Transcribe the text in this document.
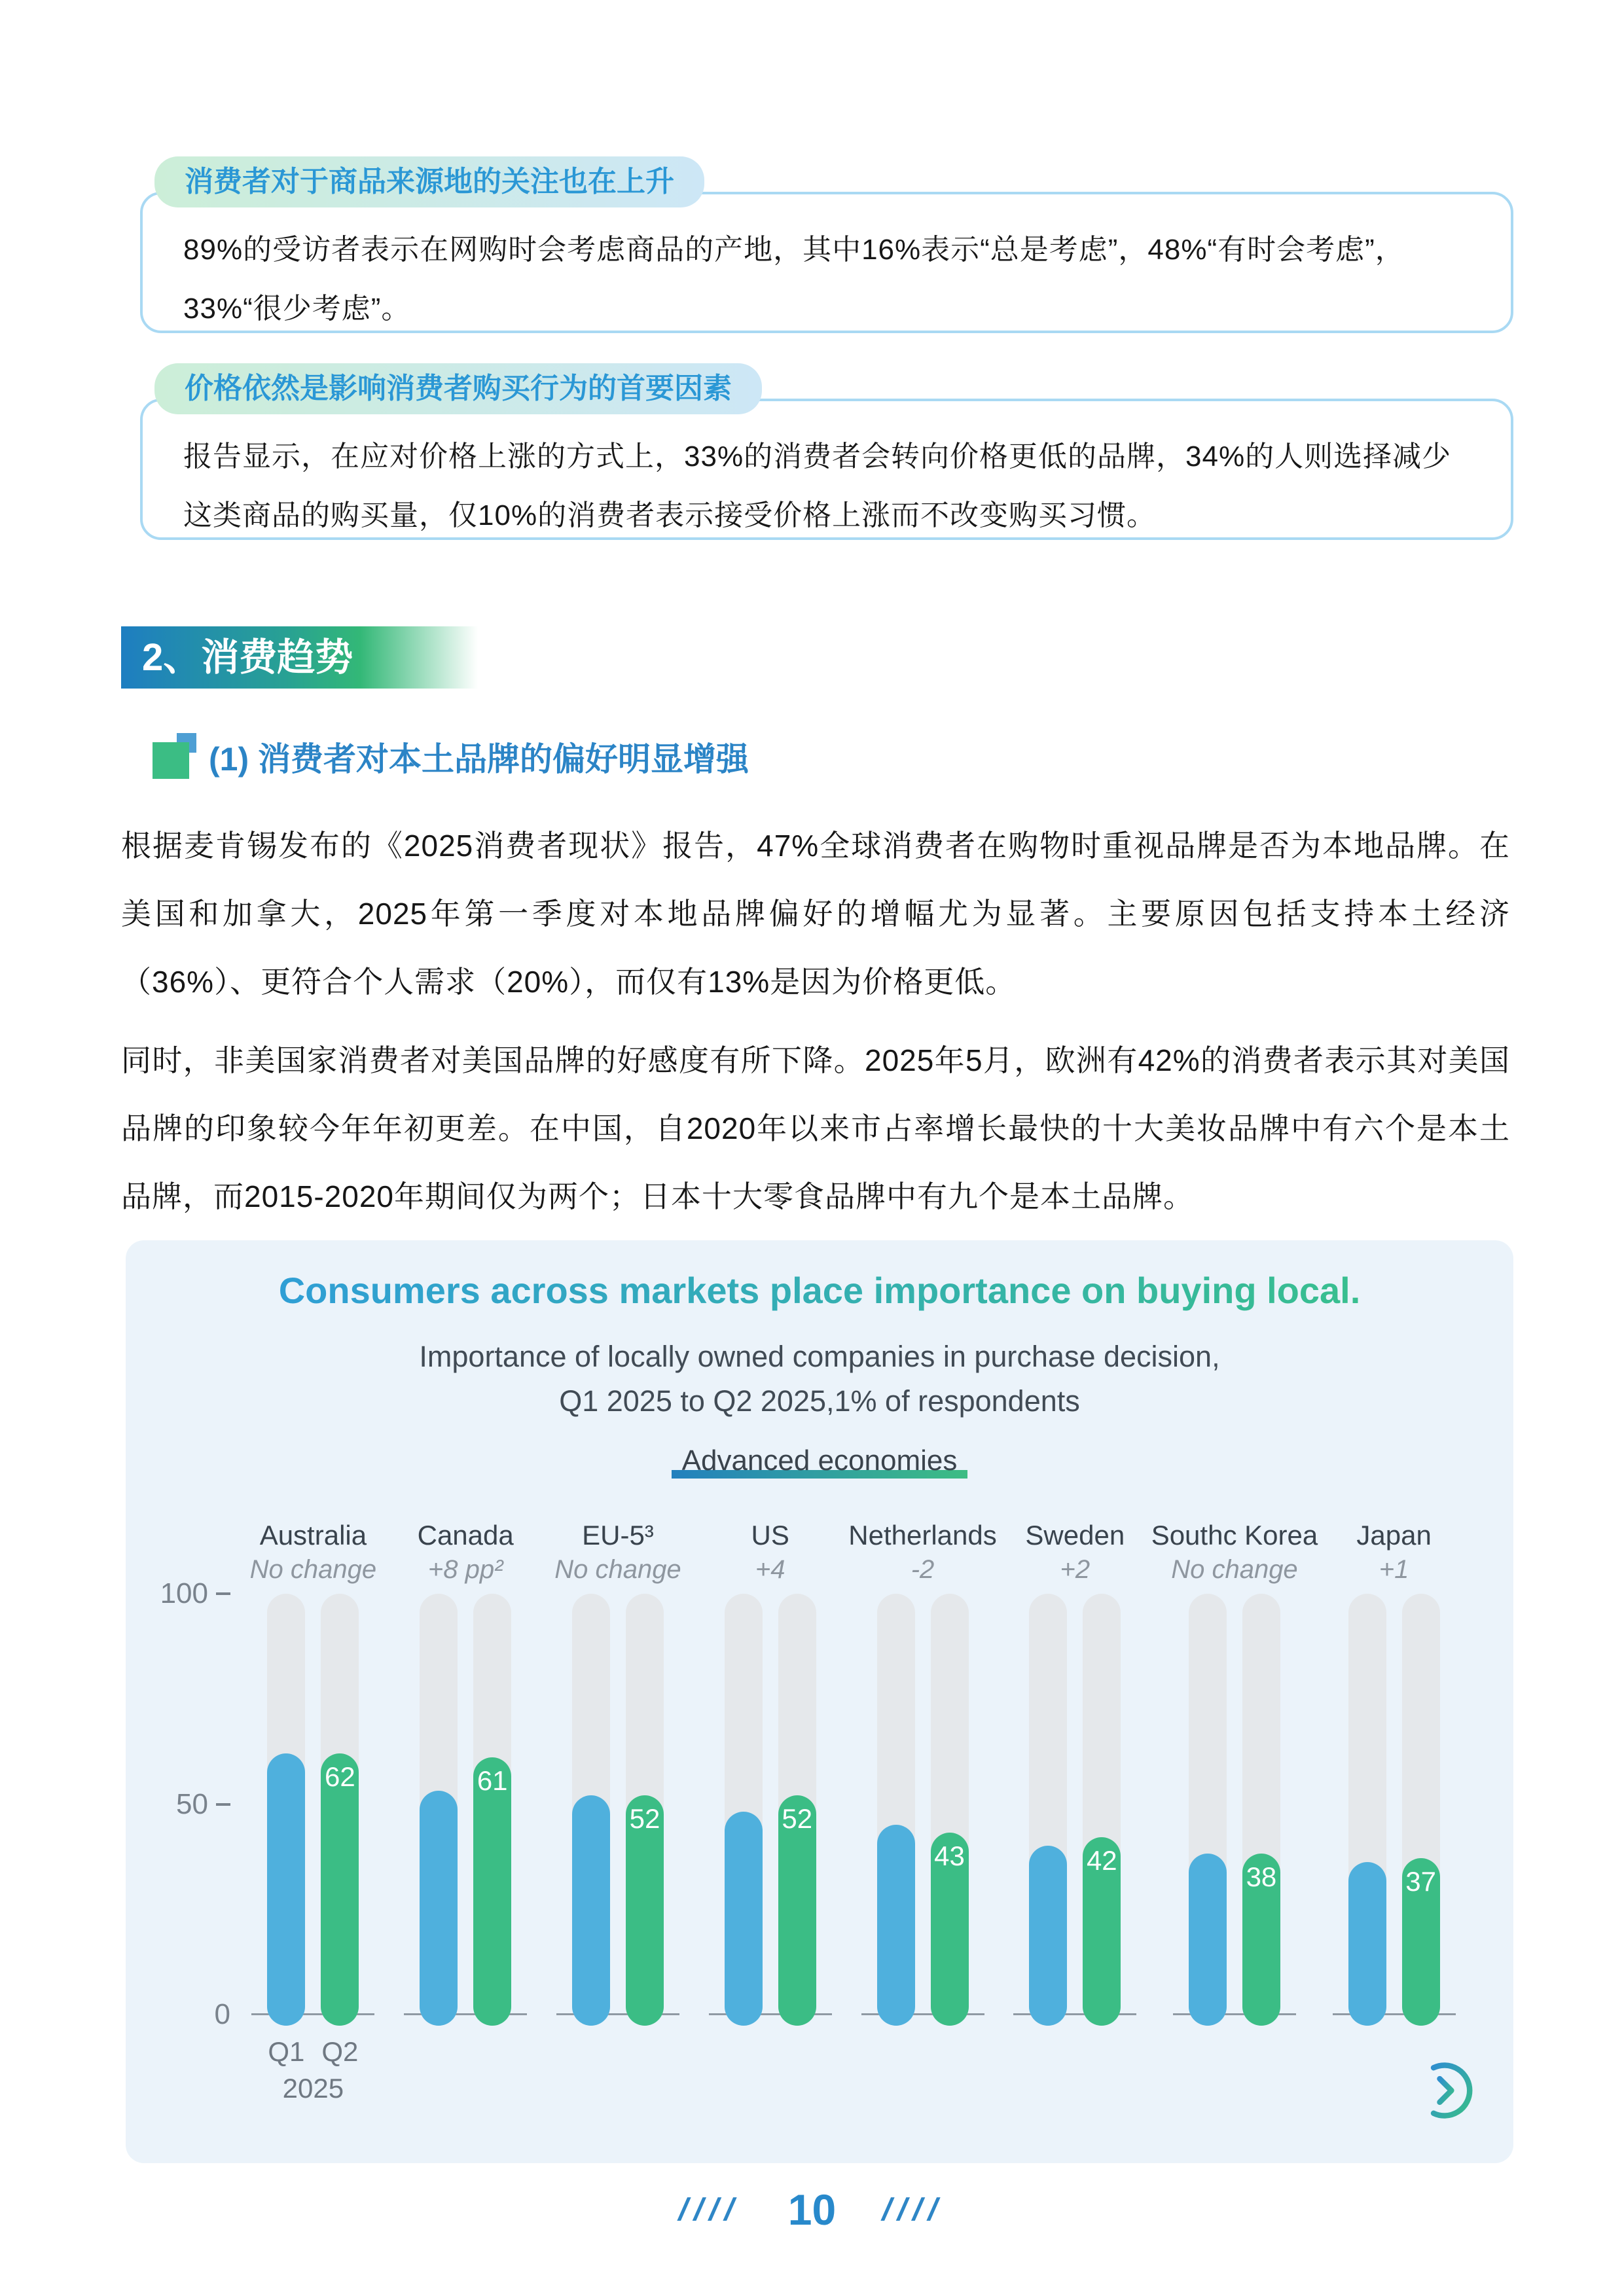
消费者对于商品来源地的关注也在上升
89%的受访者表示在网购时会考虑商品的产地，其中16%表示“总是考虑”，48%“有时会考虑”，33%“很少考虑”。
价格依然是影响消费者购买行为的首要因素
报告显示，在应对价格上涨的方式上，33%的消费者会转向价格更低的品牌，34%的人则选择减少这类商品的购买量，仅10%的消费者表示接受价格上涨而不改变购买习惯。
2、消费趋势
(1) 消费者对本土品牌的偏好明显增强
根据麦肯锡发布的《2025消费者现状》报告，47%全球消费者在购物时重视品牌是否为本地品牌。在美国和加拿大，2025年第一季度对本地品牌偏好的增幅尤为显著。主要原因包括支持本土经济（36%）、更符合个人需求（20%），而仅有13%是因为价格更低。
同时，非美国家消费者对美国品牌的好感度有所下降。2025年5月，欧洲有42%的消费者表示其对美国品牌的印象较今年年初更差。在中国，自2020年以来市占率增长最快的十大美妆品牌中有六个是本土品牌，而2015-2020年期间仅为两个；日本十大零食品牌中有九个是本土品牌。
Consumers across markets place importance on buying local.
Importance of locally owned companies in purchase decision,
Q1 2025 to Q2 2025,1% of respondents
Advanced economies
100
50
0
Australia
No change
62
Q1 Q2
2025
Canada
+8 pp²
61
EU-5³
No change
52
US
+4
52
Netherlands
-2
43
Sweden
+2
42
Southc Korea
No change
38
Japan
+1
37
//// 10 ////
